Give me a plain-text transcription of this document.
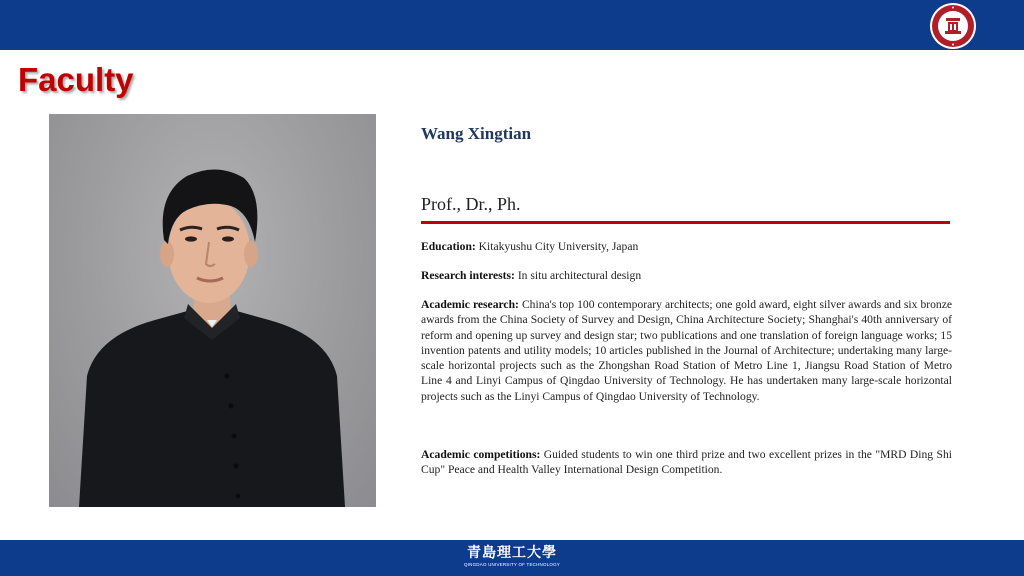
Faculty
Wang Xingtian
Prof., Dr., Ph.

Education: Kitakyushu City University, Japan

Research interests: In situ architectural design

Academic research: China's top 100 contemporary architects; one gold award, eight silver awards and six bronze awards from the China Society of Survey and Design, China Architecture Society; Shanghai's 40th anniversary of reform and opening up survey and design star; two publications and one translation of foreign language works; 15 invention patents and utility models; 10 articles published in the Journal of Architecture; undertaking many large-scale horizontal projects such as the Zhongshan Road Station of Metro Line 1, Jiangsu Road Station of Metro Line 4 and Linyi Campus of Qingdao University of Technology. He has undertaken many large-scale horizontal projects such as the Linyi Campus of Qingdao University of Technology.

Academic competitions: Guided students to win one third prize and two excellent prizes in the "MRD Ding Shi Cup" Peace and Health Valley International Design Competition.

青島理工大學
QINGDAO UNIVERSITY OF TECHNOLOGY
